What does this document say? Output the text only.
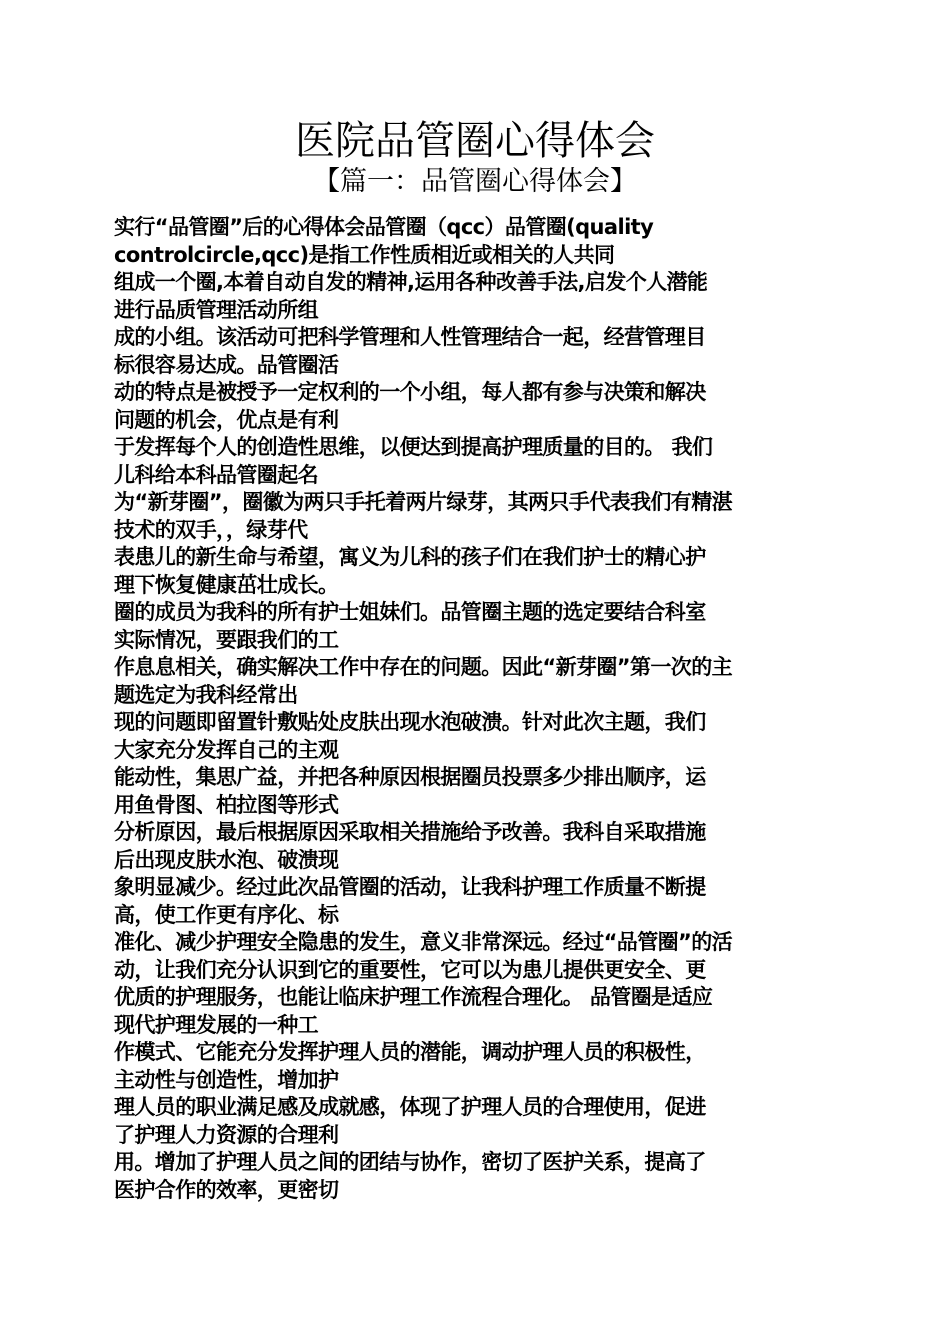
医院品管圈心得体会
【篇一：品管圈心得体会】
实行“品管圈”后的心得体会品管圈（qcc）品管圈(quality
controlcircle,qcc)是指工作性质相近或相关的人共同
组成一个圈,本着自动自发的精神,运用各种改善手法,启发个人潜能
进行品质管理活动所组
成的小组。该活动可把科学管理和人性管理结合一起，经营管理目
标很容易达成。品管圈活
动的特点是被授予一定权利的一个小组，每人都有参与决策和解决
问题的机会，优点是有利
于发挥每个人的创造性思维，以便达到提高护理质量的目的。 我们
儿科给本科品管圈起名
为“新芽圈”，圈徽为两只手托着两片绿芽，其两只手代表我们有精湛
技术的双手，，绿芽代
表患儿的新生命与希望，寓义为儿科的孩子们在我们护士的精心护
理下恢复健康茁壮成长。
圈的成员为我科的所有护士姐妹们。品管圈主题的选定要结合科室
实际情况，要跟我们的工
作息息相关，确实解决工作中存在的问题。因此“新芽圈”第一次的主
题选定为我科经常出
现的问题即留置针敷贴处皮肤出现水泡破溃。针对此次主题，我们
大家充分发挥自己的主观
能动性，集思广益，并把各种原因根据圈员投票多少排出顺序，运
用鱼骨图、柏拉图等形式
分析原因，最后根据原因采取相关措施给予改善。我科自采取措施
后出现皮肤水泡、破溃现
象明显减少。经过此次品管圈的活动，让我科护理工作质量不断提
高，使工作更有序化、标
准化、减少护理安全隐患的发生，意义非常深远。经过“品管圈”的活
动，让我们充分认识到它的重要性，它可以为患儿提供更安全、更
优质的护理服务，也能让临床护理工作流程合理化。 品管圈是适应
现代护理发展的一种工
作模式、它能充分发挥护理人员的潜能，调动护理人员的积极性，
主动性与创造性，增加护
理人员的职业满足感及成就感，体现了护理人员的合理使用，促进
了护理人力资源的合理利
用。增加了护理人员之间的团结与协作，密切了医护关系，提高了
医护合作的效率，更密切
